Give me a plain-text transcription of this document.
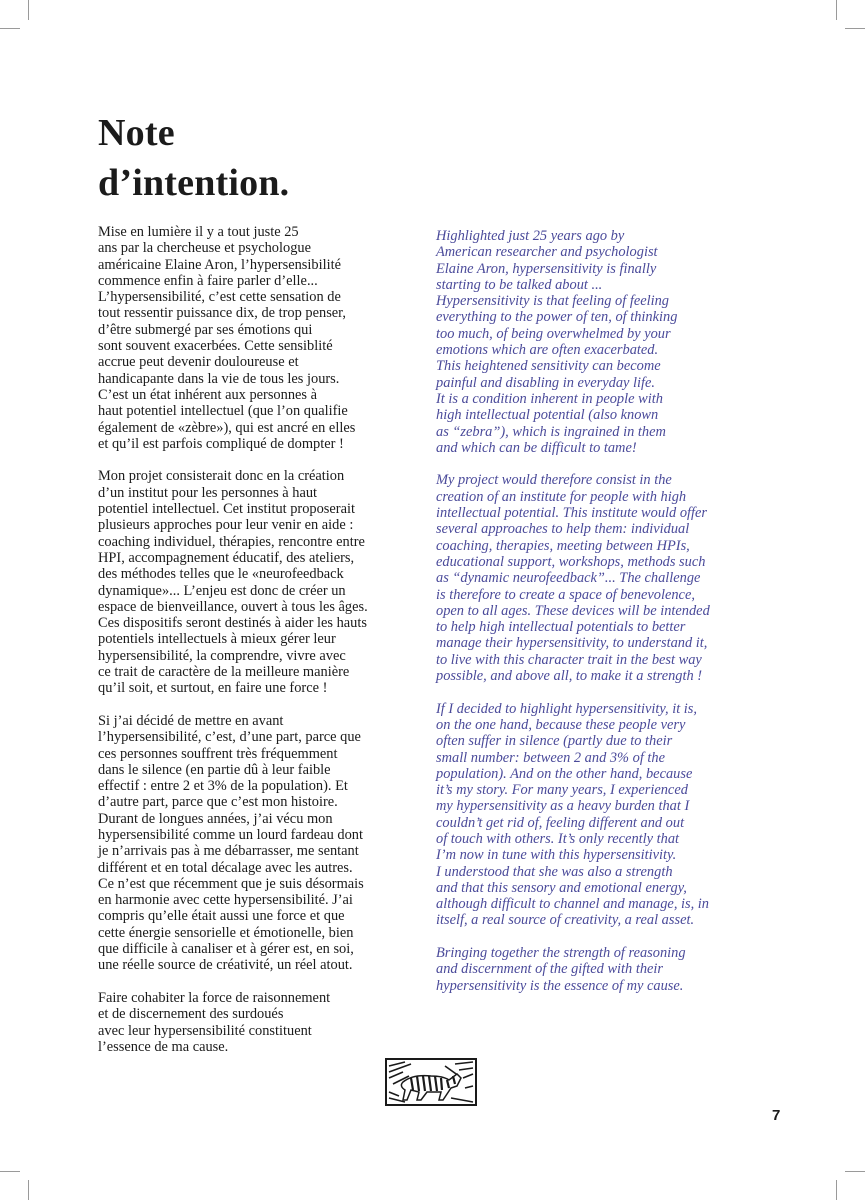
Note
d’intention.
Mise en lumière il y a tout juste 25
ans par la chercheuse et psychologue
américaine Elaine Aron, l’hypersensibilité
commence enfin à faire parler d’elle...
L’hypersensibilité, c’est cette sensation de
tout ressentir puissance dix, de trop penser,
d’être submergé par ses émotions qui
sont souvent exacerbées. Cette sensiblité
accrue peut devenir douloureuse et
handicapante dans la vie de tous les jours.
C’est un état inhérent aux personnes à
haut potentiel intellectuel (que l’on qualifie
également de «zèbre»), qui est ancré en elles
et qu’il est parfois compliqué de dompter !
Mon projet consisterait donc en la création
d’un institut pour les personnes à haut
potentiel intellectuel. Cet institut proposerait
plusieurs approches pour leur venir en aide :
coaching individuel, thérapies, rencontre entre
HPI, accompagnement éducatif, des ateliers,
des méthodes telles que le «neurofeedback
dynamique»... L’enjeu est donc de créer un
espace de bienveillance, ouvert à tous les âges.
Ces dispositifs seront destinés à aider les hauts
potentiels intellectuels à mieux gérer leur
hypersensibilité, la comprendre, vivre avec
ce trait de caractère de la meilleure manière
qu’il soit, et surtout, en faire une force !
Si j’ai décidé de mettre en avant
l’hypersensibilité, c’est, d’une part, parce que
ces personnes souffrent très fréquemment
dans le silence (en partie dû à leur faible
effectif : entre 2 et 3% de la population). Et
d’autre part, parce que c’est mon histoire.
Durant de longues années, j’ai vécu mon
hypersensibilité comme un lourd fardeau dont
je n’arrivais pas à me débarrasser, me sentant
différent et en total décalage avec les autres.
Ce n’est que récemment que je suis désormais
en harmonie avec cette hypersensibilité. J’ai
compris qu’elle était aussi une force et que
cette énergie sensorielle et émotionelle, bien
que difficile à canaliser et à gérer est, en soi,
une réelle source de créativité, un réel atout.
Faire cohabiter la force de raisonnement
et de discernement des surdoués
avec leur hypersensibilité constituent
l’essence de ma cause.
Highlighted just 25 years ago by
American researcher and psychologist
Elaine Aron, hypersensitivity is finally
starting to be talked about ...
Hypersensitivity is that feeling of feeling
everything to the power of ten, of thinking
too much, of being overwhelmed by your
emotions which are often exacerbated.
This heightened sensitivity can become
painful and disabling in everyday life.
It is a condition inherent in people with
high intellectual potential (also known
as “zebra”), which is ingrained in them
and which can be difficult to tame!
My project would therefore consist in the
creation of an institute for people with high
intellectual potential. This institute would offer
several approaches to help them: individual
coaching, therapies, meeting between HPIs,
educational support, workshops, methods such
as “dynamic neurofeedback”... The challenge
is therefore to create a space of benevolence,
open to all ages. These devices will be intended
to help high intellectual potentials to better
manage their hypersensitivity, to understand it,
to live with this character trait in the best way
possible, and above all, to make it a strength !
If I decided to highlight hypersensitivity, it is,
on the one hand, because these people very
often suffer in silence (partly due to their
small number: between 2 and 3% of the
population). And on the other hand, because
it’s my story. For many years, I experienced
my hypersensitivity as a heavy burden that I
couldn’t get rid of, feeling different and out
of touch with others. It’s only recently that
I’m now in tune with this hypersensitivity.
I understood that she was also a strength
and that this sensory and emotional energy,
although difficult to channel and manage, is, in
itself, a real source of creativity, a real asset.
Bringing together the strength of reasoning
and discernment of the gifted with their
hypersensitivity is the essence of my cause.
7
